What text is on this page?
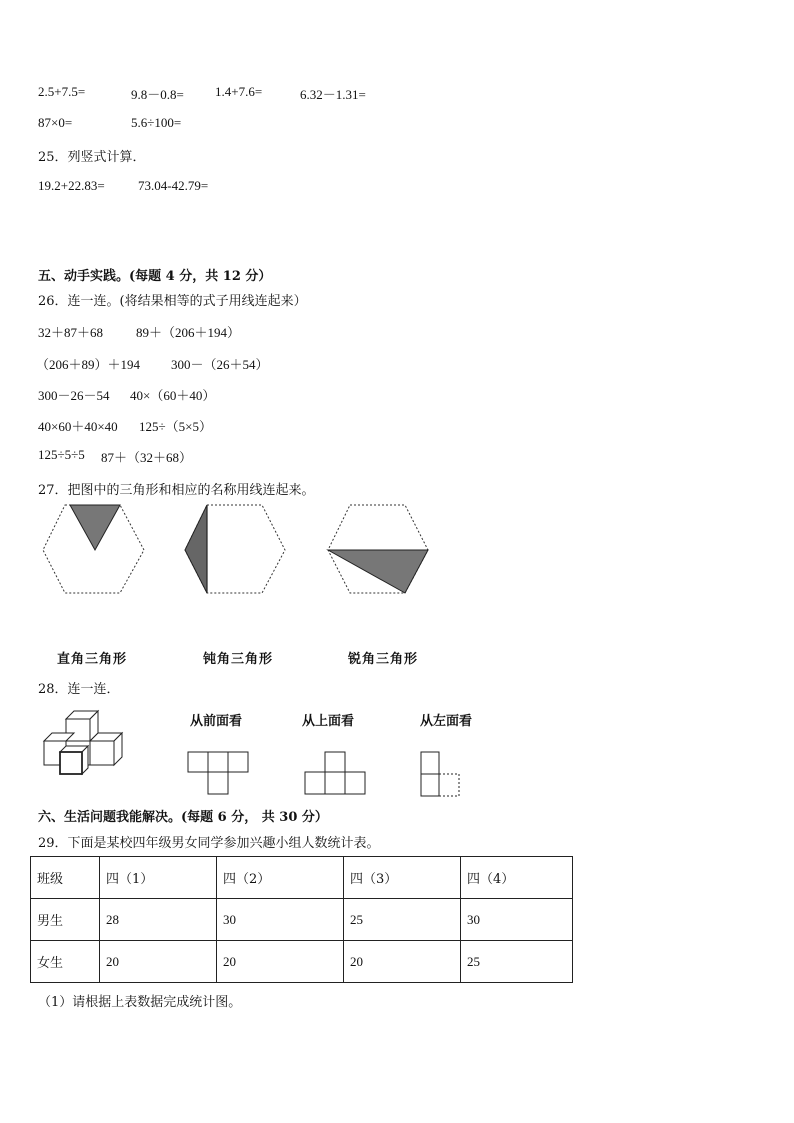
2.5+7.5=	9.8－0.8= 1.4+7.6=	6.32－1.31=
87×0=	5.6÷100=
25．列竖式计算．
19.2+22.83=	73.04-42.79=
五、动手实践。(每题 4 分，共 12 分）
26．连一连。(将结果相等的式子用线连起来）
32＋87＋68	89＋（206＋194）
（206＋89）＋194 300－（26＋54）
300－26－54 40×（60＋40）
40×60＋40×40 125÷（5×5）
125÷5÷5 87＋（32＋68）
27．把图中的三角形和相应的名称用线连起来。
直角三角形	钝角三角形	锐角三角形
28．连一连．
从前面看	从上面看	从左面看
六、生活问题我能解决。(每题 6 分， 共 30 分）
29．下面是某校四年级男女同学参加兴趣小组人数统计表。
班级	四（1）	四（2）	四（3）	四（4）
男生	28	30	25	30
女生	20	20	20	25
（1）请根据上表数据完成统计图。
